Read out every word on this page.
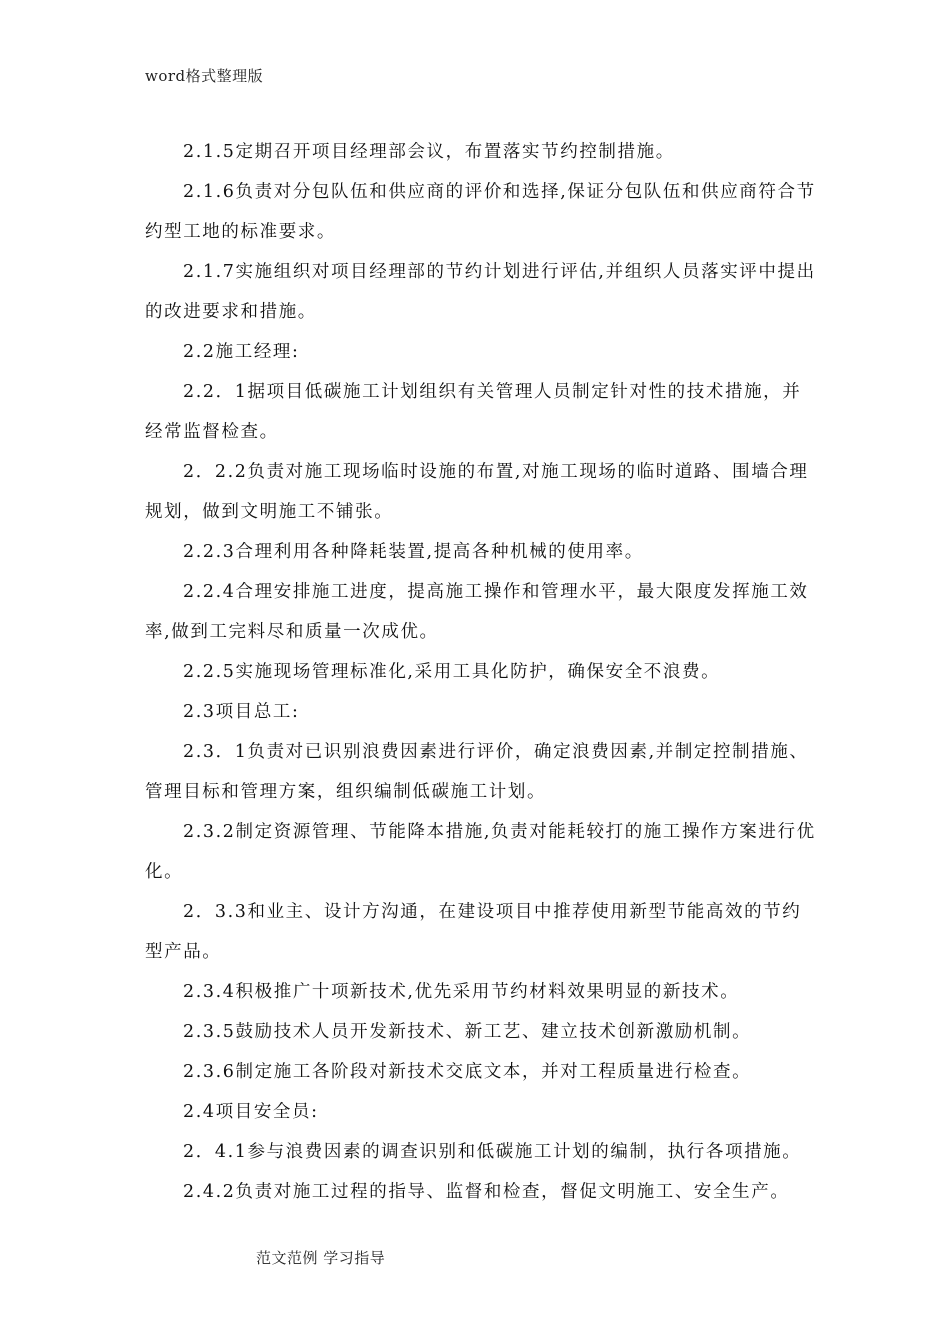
word格式整理版

2.1.5定期召开项目经理部会议，布置落实节约控制措施。

2.1.6负责对分包队伍和供应商的评价和选择,保证分包队伍和供应商符合节约型工地的标准要求。

2.1.7实施组织对项目经理部的节约计划进行评估,并组织人员落实评中提出的改进要求和措施。

2.2施工经理:

2.2．1据项目低碳施工计划组织有关管理人员制定针对性的技术措施，并经常监督检查。

2．2.2负责对施工现场临时设施的布置,对施工现场的临时道路、围墙合理规划，做到文明施工不铺张。

2.2.3合理利用各种降耗装置,提高各种机械的使用率。

2.2.4合理安排施工进度，提高施工操作和管理水平，最大限度发挥施工效率,做到工完料尽和质量一次成优。

2.2.5实施现场管理标准化,采用工具化防护，确保安全不浪费。

2.3项目总工:

2.3．1负责对已识别浪费因素进行评价，确定浪费因素,并制定控制措施、管理目标和管理方案，组织编制低碳施工计划。

2.3.2制定资源管理、节能降本措施,负责对能耗较打的施工操作方案进行优化。

2．3.3和业主、设计方沟通，在建设项目中推荐使用新型节能高效的节约型产品。

2.3.4积极推广十项新技术,优先采用节约材料效果明显的新技术。

2.3.5鼓励技术人员开发新技术、新工艺、建立技术创新激励机制。

2.3.6制定施工各阶段对新技术交底文本，并对工程质量进行检查。

2.4项目安全员:

2．4.1参与浪费因素的调查识别和低碳施工计划的编制，执行各项措施。

2.4.2负责对施工过程的指导、监督和检查，督促文明施工、安全生产。

范文范例 学习指导
